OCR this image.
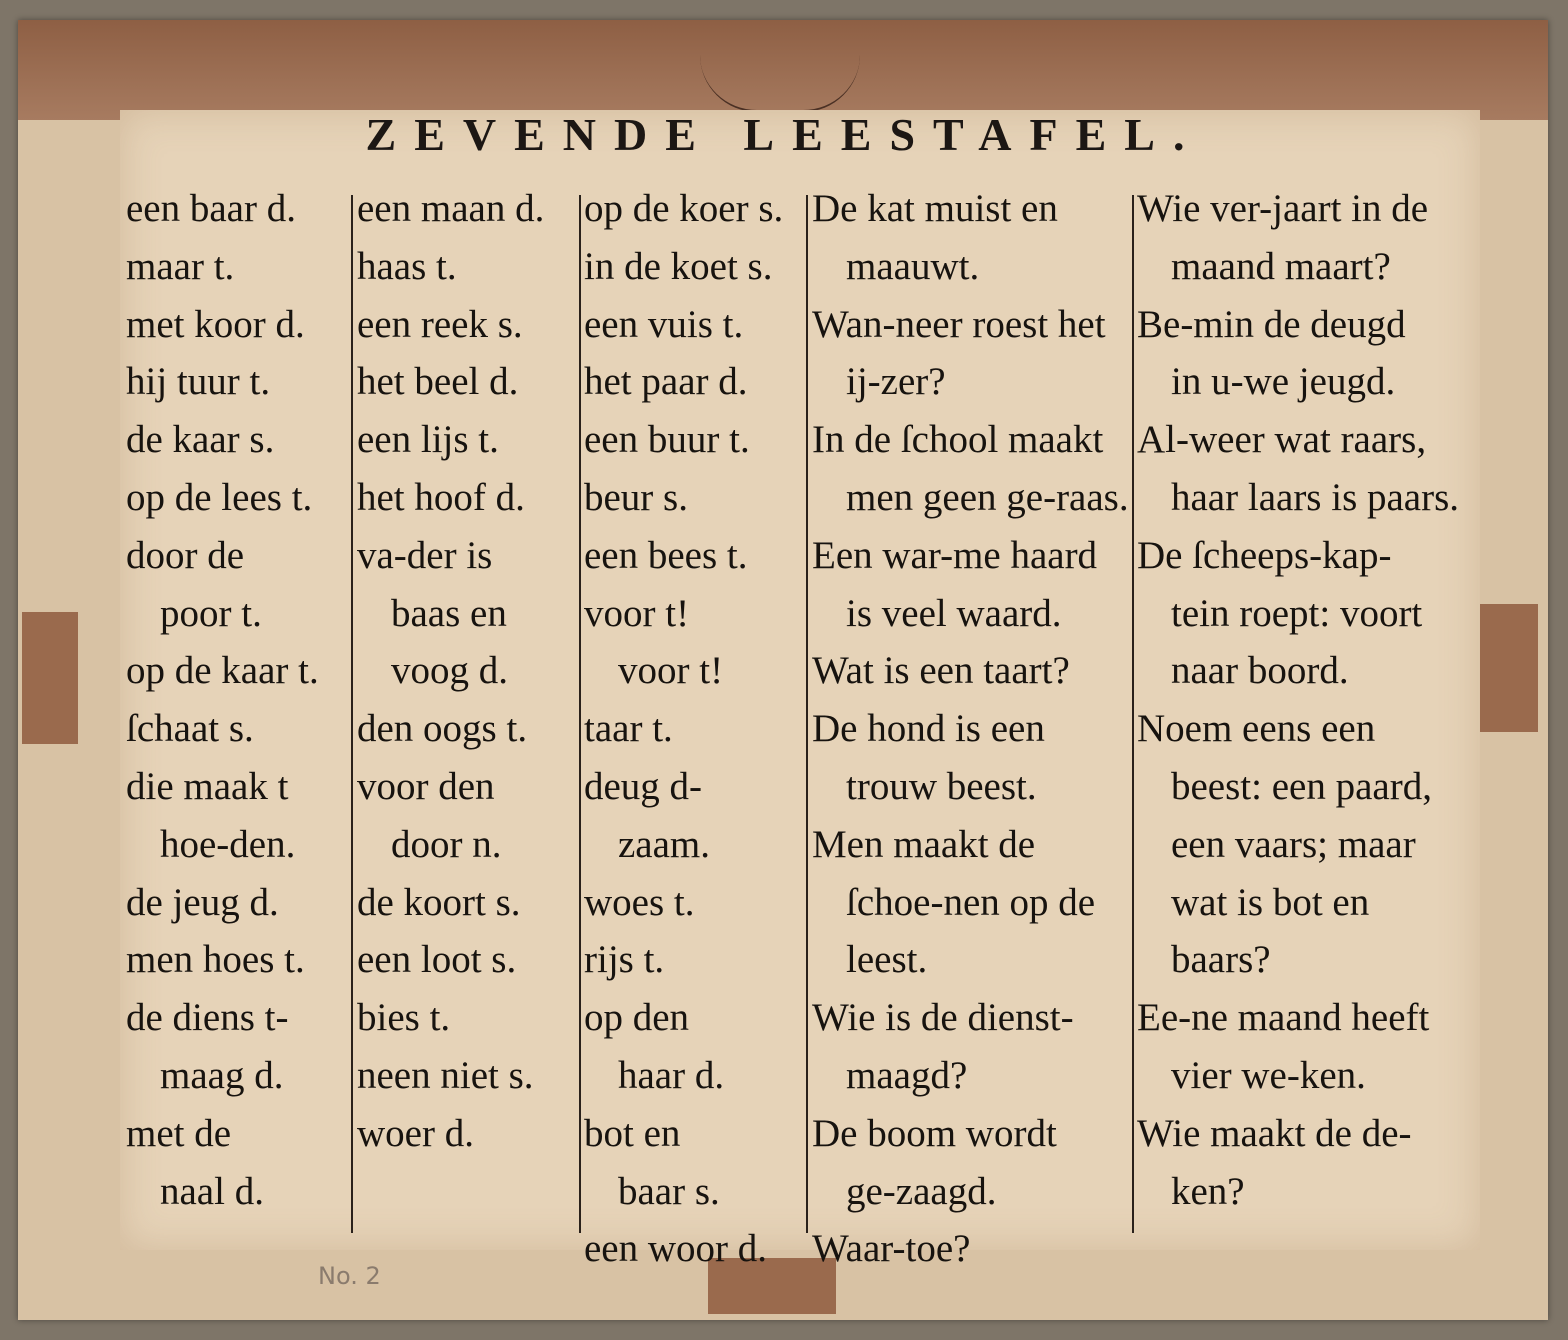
ZEVENDE LEESTAFEL.

een baar d.

maar t.

met koor d.

hij tuur t.

de kaar s.

op de lees t.

door de

poor t.

op de kaar t.

ſchaat s.

die maak t

hoe-den.

de jeug d.

men hoes t.

de diens t-

maag d.

met de

naal d.

een maan d.

haas t.

een reek s.

het beel d.

een lijs t.

het hoof d.

va-der is

baas en

voog d.

den oogs t.

voor den

door n.

de koort s.

een loot s.

bies t.

neen niet s.

woer d.

op de koer s.

in de koet s.

een vuis t.

het paar d.

een buur t.

beur s.

een bees t.

voor t!

voor t!

taar t.

deug d-

zaam.

woes t.

rijs t.

op den

haar d.

bot en

baar s.

een woor d.

De kat muist en

maauwt.

Wan-neer roest het

ij-zer?

In de ſchool maakt

men geen ge-raas.

Een war-me haard

is veel waard.

Wat is een taart?

De hond is een

trouw beest.

Men maakt de

ſchoe-nen op de

leest.

Wie is de dienst-

maagd?

De boom wordt

ge-zaagd.

Waar-toe?

Wie ver-jaart in de

maand maart?

Be-min de deugd

in u-we jeugd.

Al-weer wat raars,

haar laars is paars.

De ſcheeps-kap-

tein roept: voort

naar boord.

Noem eens een

beest: een paard,

een vaars; maar

wat is bot en

baars?

Ee-ne maand heeft

vier we-ken.

Wie maakt de de-

ken?

No. 2
